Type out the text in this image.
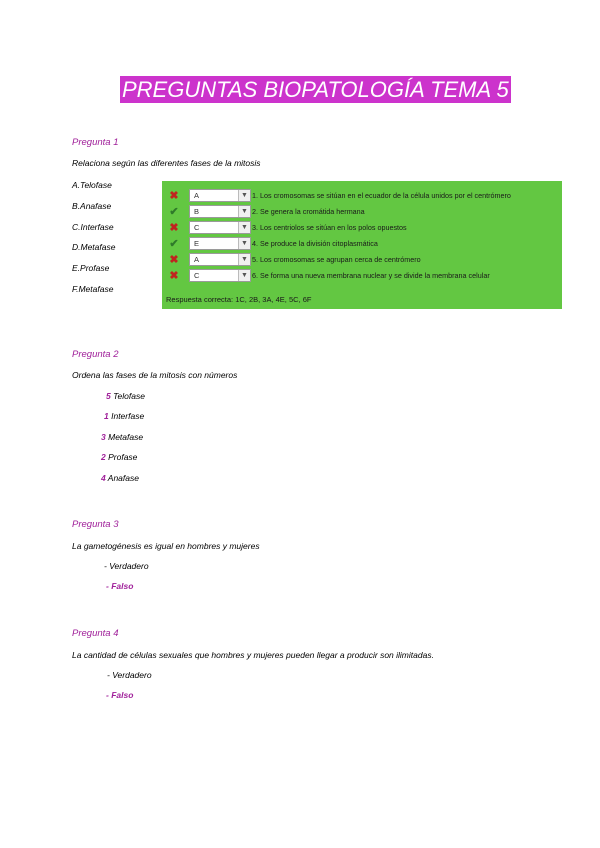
PREGUNTAS BIOPATOLOGÍA TEMA 5
Pregunta 1
Relaciona según las diferentes fases de la mitosis
A.Telofase
B.Anafase
C.Interfase
D.Metafase
E.Profase
F.Metafase
✖ A	▼ 1. Los cromosomas se sitúan en el ecuador de la célula unidos por el centrómero
✔ B	▼ 2. Se genera la cromátida hermana
✖ C	▼ 3. Los centriolos se sitúan en los polos opuestos
✔ E	▼ 4. Se produce la división citoplasmática
✖ A	▼ 5. Los cromosomas se agrupan cerca de centrómero
✖ C	▼ 6. Se forma una nueva membrana nuclear y se divide la membrana celular
Respuesta correcta: 1C, 2B, 3A, 4E, 5C, 6F
Pregunta 2
Ordena las fases de la mitosis con números
5 Telofase
1 Interfase
3 Metafase
2 Profase
4 Anafase
Pregunta 3
La gametogénesis es igual en hombres y mujeres
- Verdadero
- Falso
Pregunta 4
La cantidad de células sexuales que hombres y mujeres pueden llegar a producir son ilimitadas.
- Verdadero
- Falso
